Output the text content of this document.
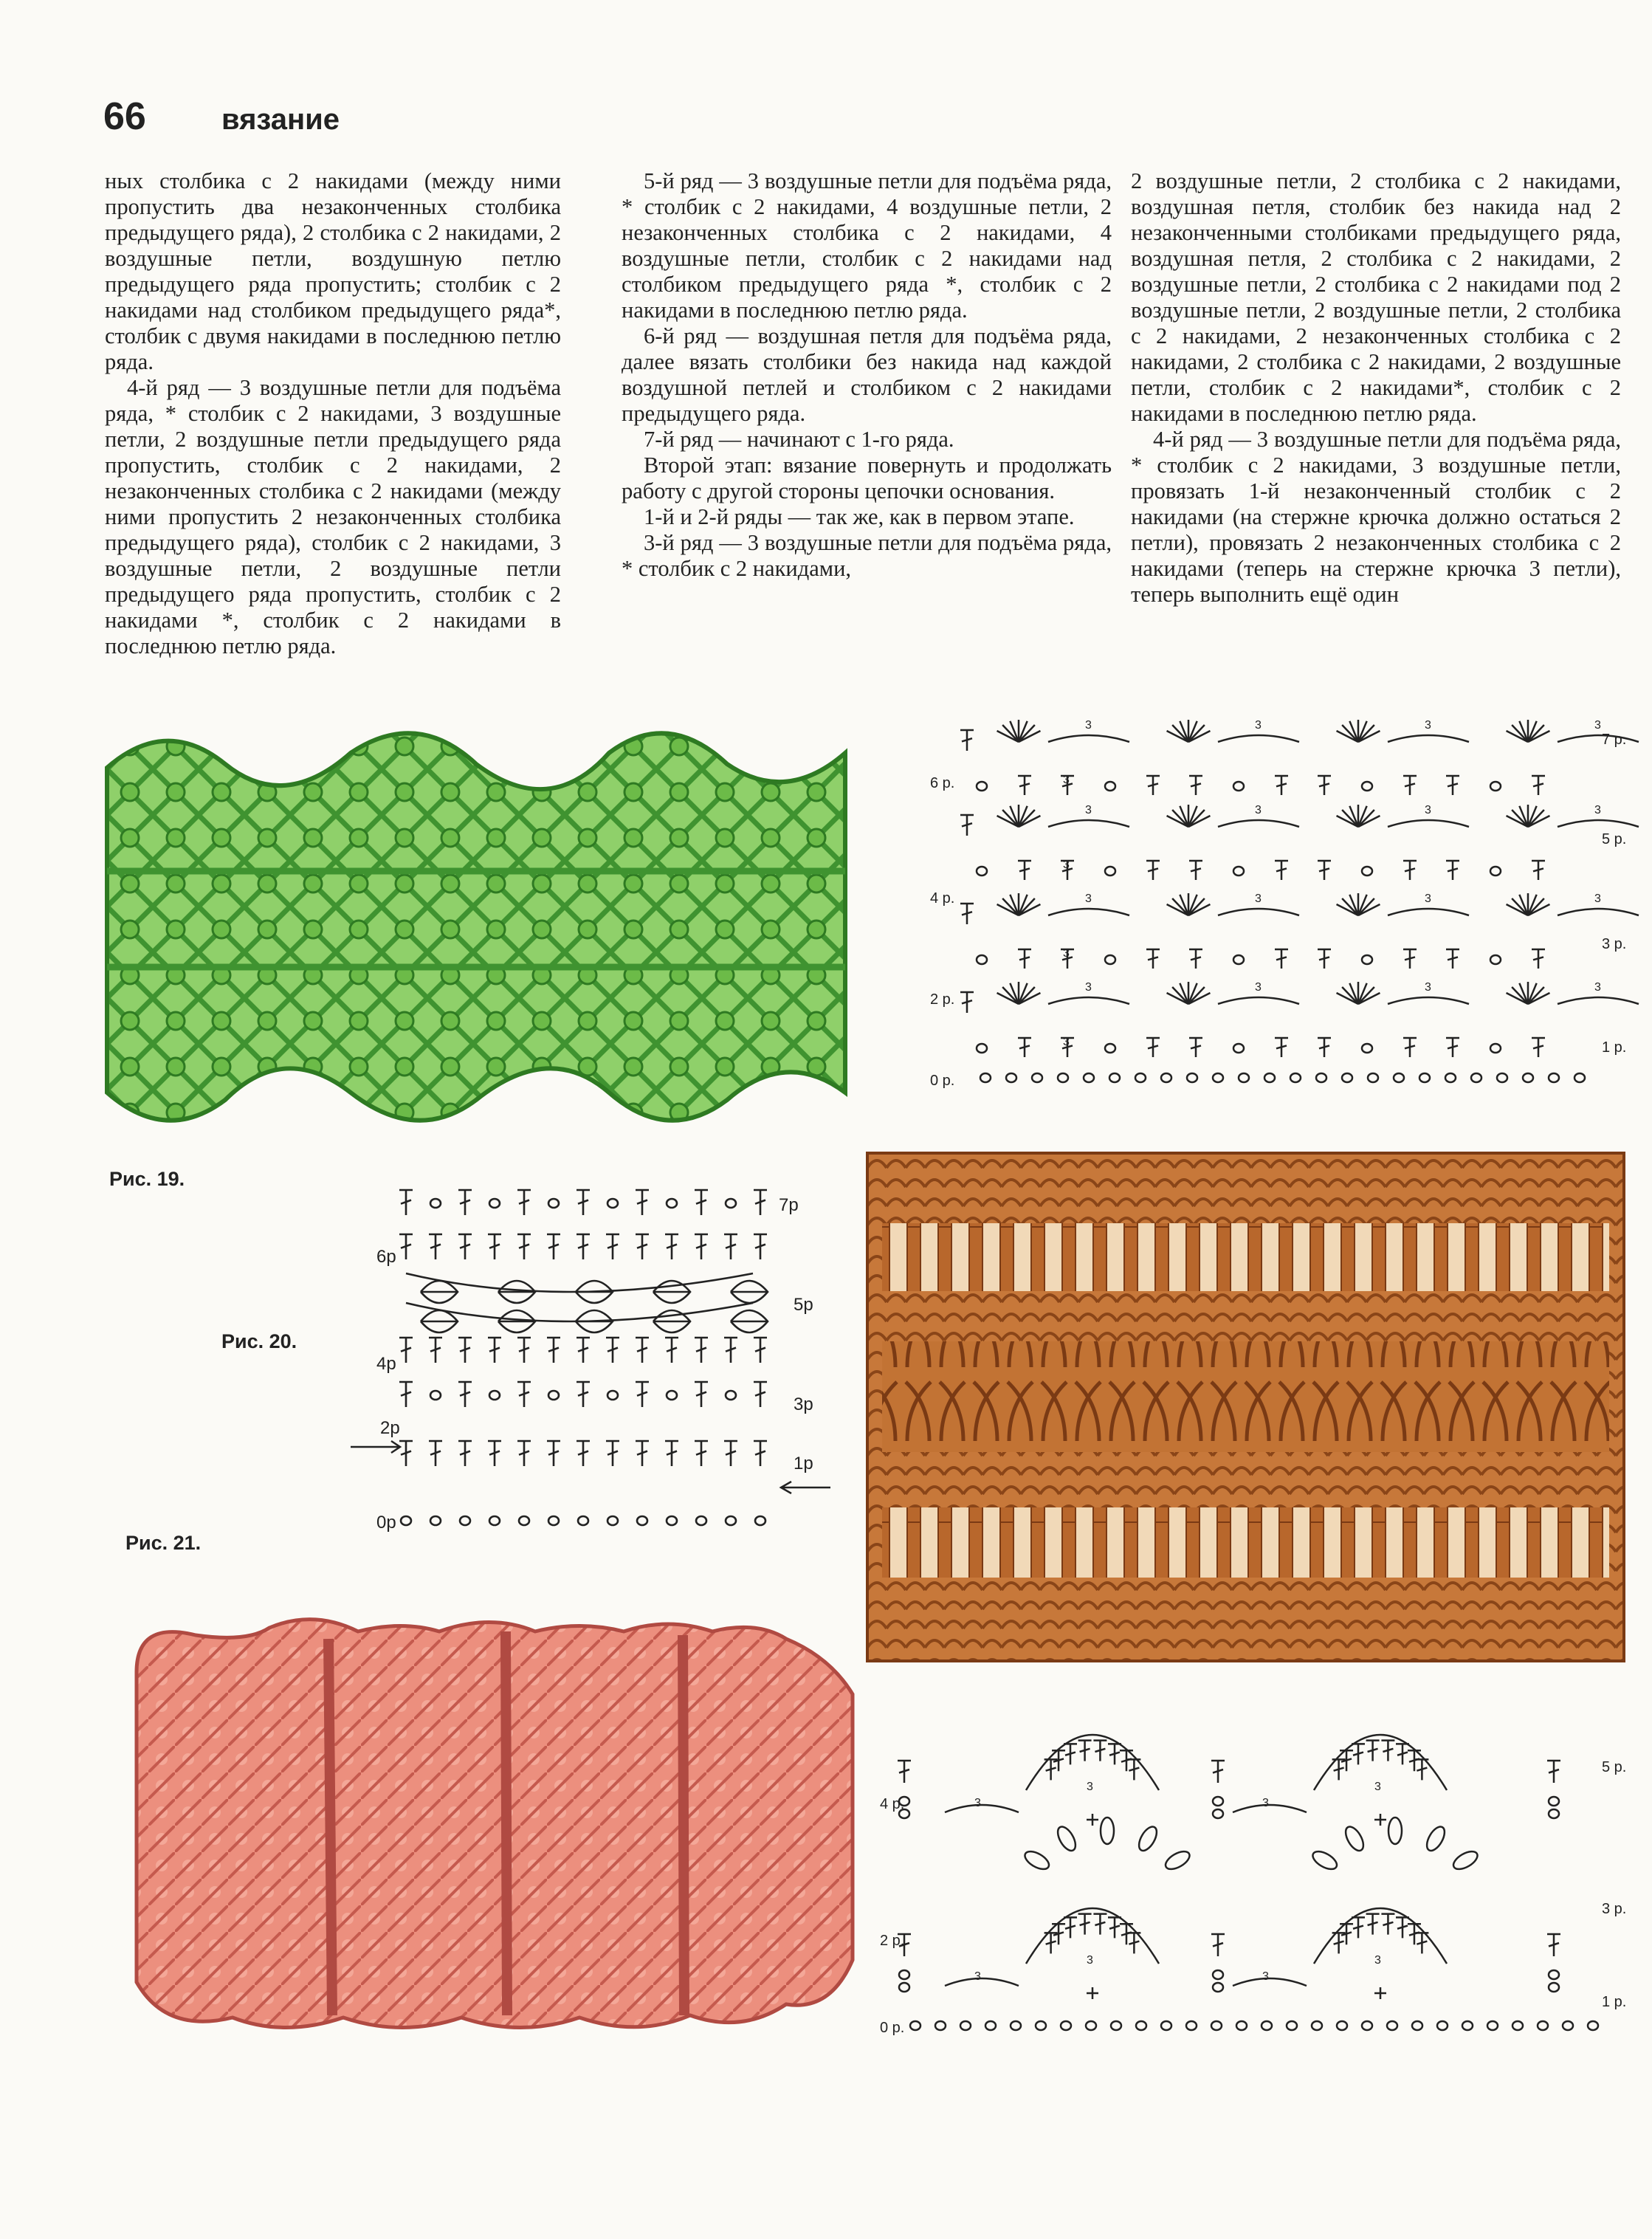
66	вязание

ных столбика с 2 накидами (между ними пропустить два незаконченных столбика предыдущего ряда), 2 столбика с 2 накидами, 2 воздушные петли, воздушную петлю предыдущего ряда пропустить; столбик с 2 накидами над столбиком предыдущего ряда*, столбик с двумя накидами в последнюю петлю ряда.

4-й ряд — 3 воздушные петли для подъёма ряда, * столбик с 2 накидами, 3 воздушные петли, 2 воздушные петли предыдущего ряда пропустить, столбик с 2 накидами, 2 незаконченных столбика с 2 накидами (между ними пропустить 2 незаконченных столбика предыдущего ряда), столбик с 2 накидами, 3 воздушные петли, 2 воздушные петли предыдущего ряда пропустить, столбик с 2 накидами *, столбик с 2 накидами в последнюю петлю ряда.

5-й ряд — 3 воздушные петли для подъёма ряда, * столбик с 2 накидами, 4 воздушные петли, 2 незаконченных столбика с 2 накидами, 4 воздушные петли, столбик с 2 накидами над столбиком предыдущего ряда *, столбик с 2 накидами в последнюю петлю ряда.

6-й ряд — воздушная петля для подъёма ряда, далее вязать столбики без накида над каждой воздушной петлей и столбиком с 2 накидами предыдущего ряда.

7-й ряд — начинают с 1-го ряда.

Второй этап: вязание повернуть и продолжать работу с другой стороны цепочки основания.

1-й и 2-й ряды — так же, как в первом этапе.

3-й ряд — 3 воздушные петли для подъёма ряда, * столбик с 2 накидами,

2 воздушные петли, 2 столбика с 2 накидами, воздушная петля, столбик без накида над 2 незаконченными столбиками предыдущего ряда, воздушная петля, 2 столбика с 2 накидами, 2 воздушные петли, 2 столбика с 2 накидами под 2 воздушные петли, 2 воздушные петли, 2 столбика с 2 накидами, 2 незаконченных столбика с 2 накидами, 2 столбика с 2 накидами, 2 воздушные петли, столбик с 2 накидами*, столбик с 2 накидами в последнюю петлю ряда.

4-й ряд — 3 воздушные петли для подъёма ряда, * столбик с 2 накидами, 3 воздушные петли, провязать 1-й незаконченный столбик с 2 накидами (на стержне крючка должно остаться 2 петли), провязать 2 незаконченных столбика с 2 накидами (теперь на стержне крючка 3 петли), теперь выполнить ещё один

3	3	3	3
3
3	3	3	3
3
3	3	3	3
3
3	3	3	3
3
6 р.
4 р.
2 р.
0 р.
7 р.
5 р.
3 р.
1 р.
Рис. 19.
Рис. 20.
7р
6р
5р
4р
3р
2р
1р
0р
Рис. 21.
3
3
3
3
3
3
3
3
4 р.
2 р.
0 р.
5 р.
3 р.
1 р.
